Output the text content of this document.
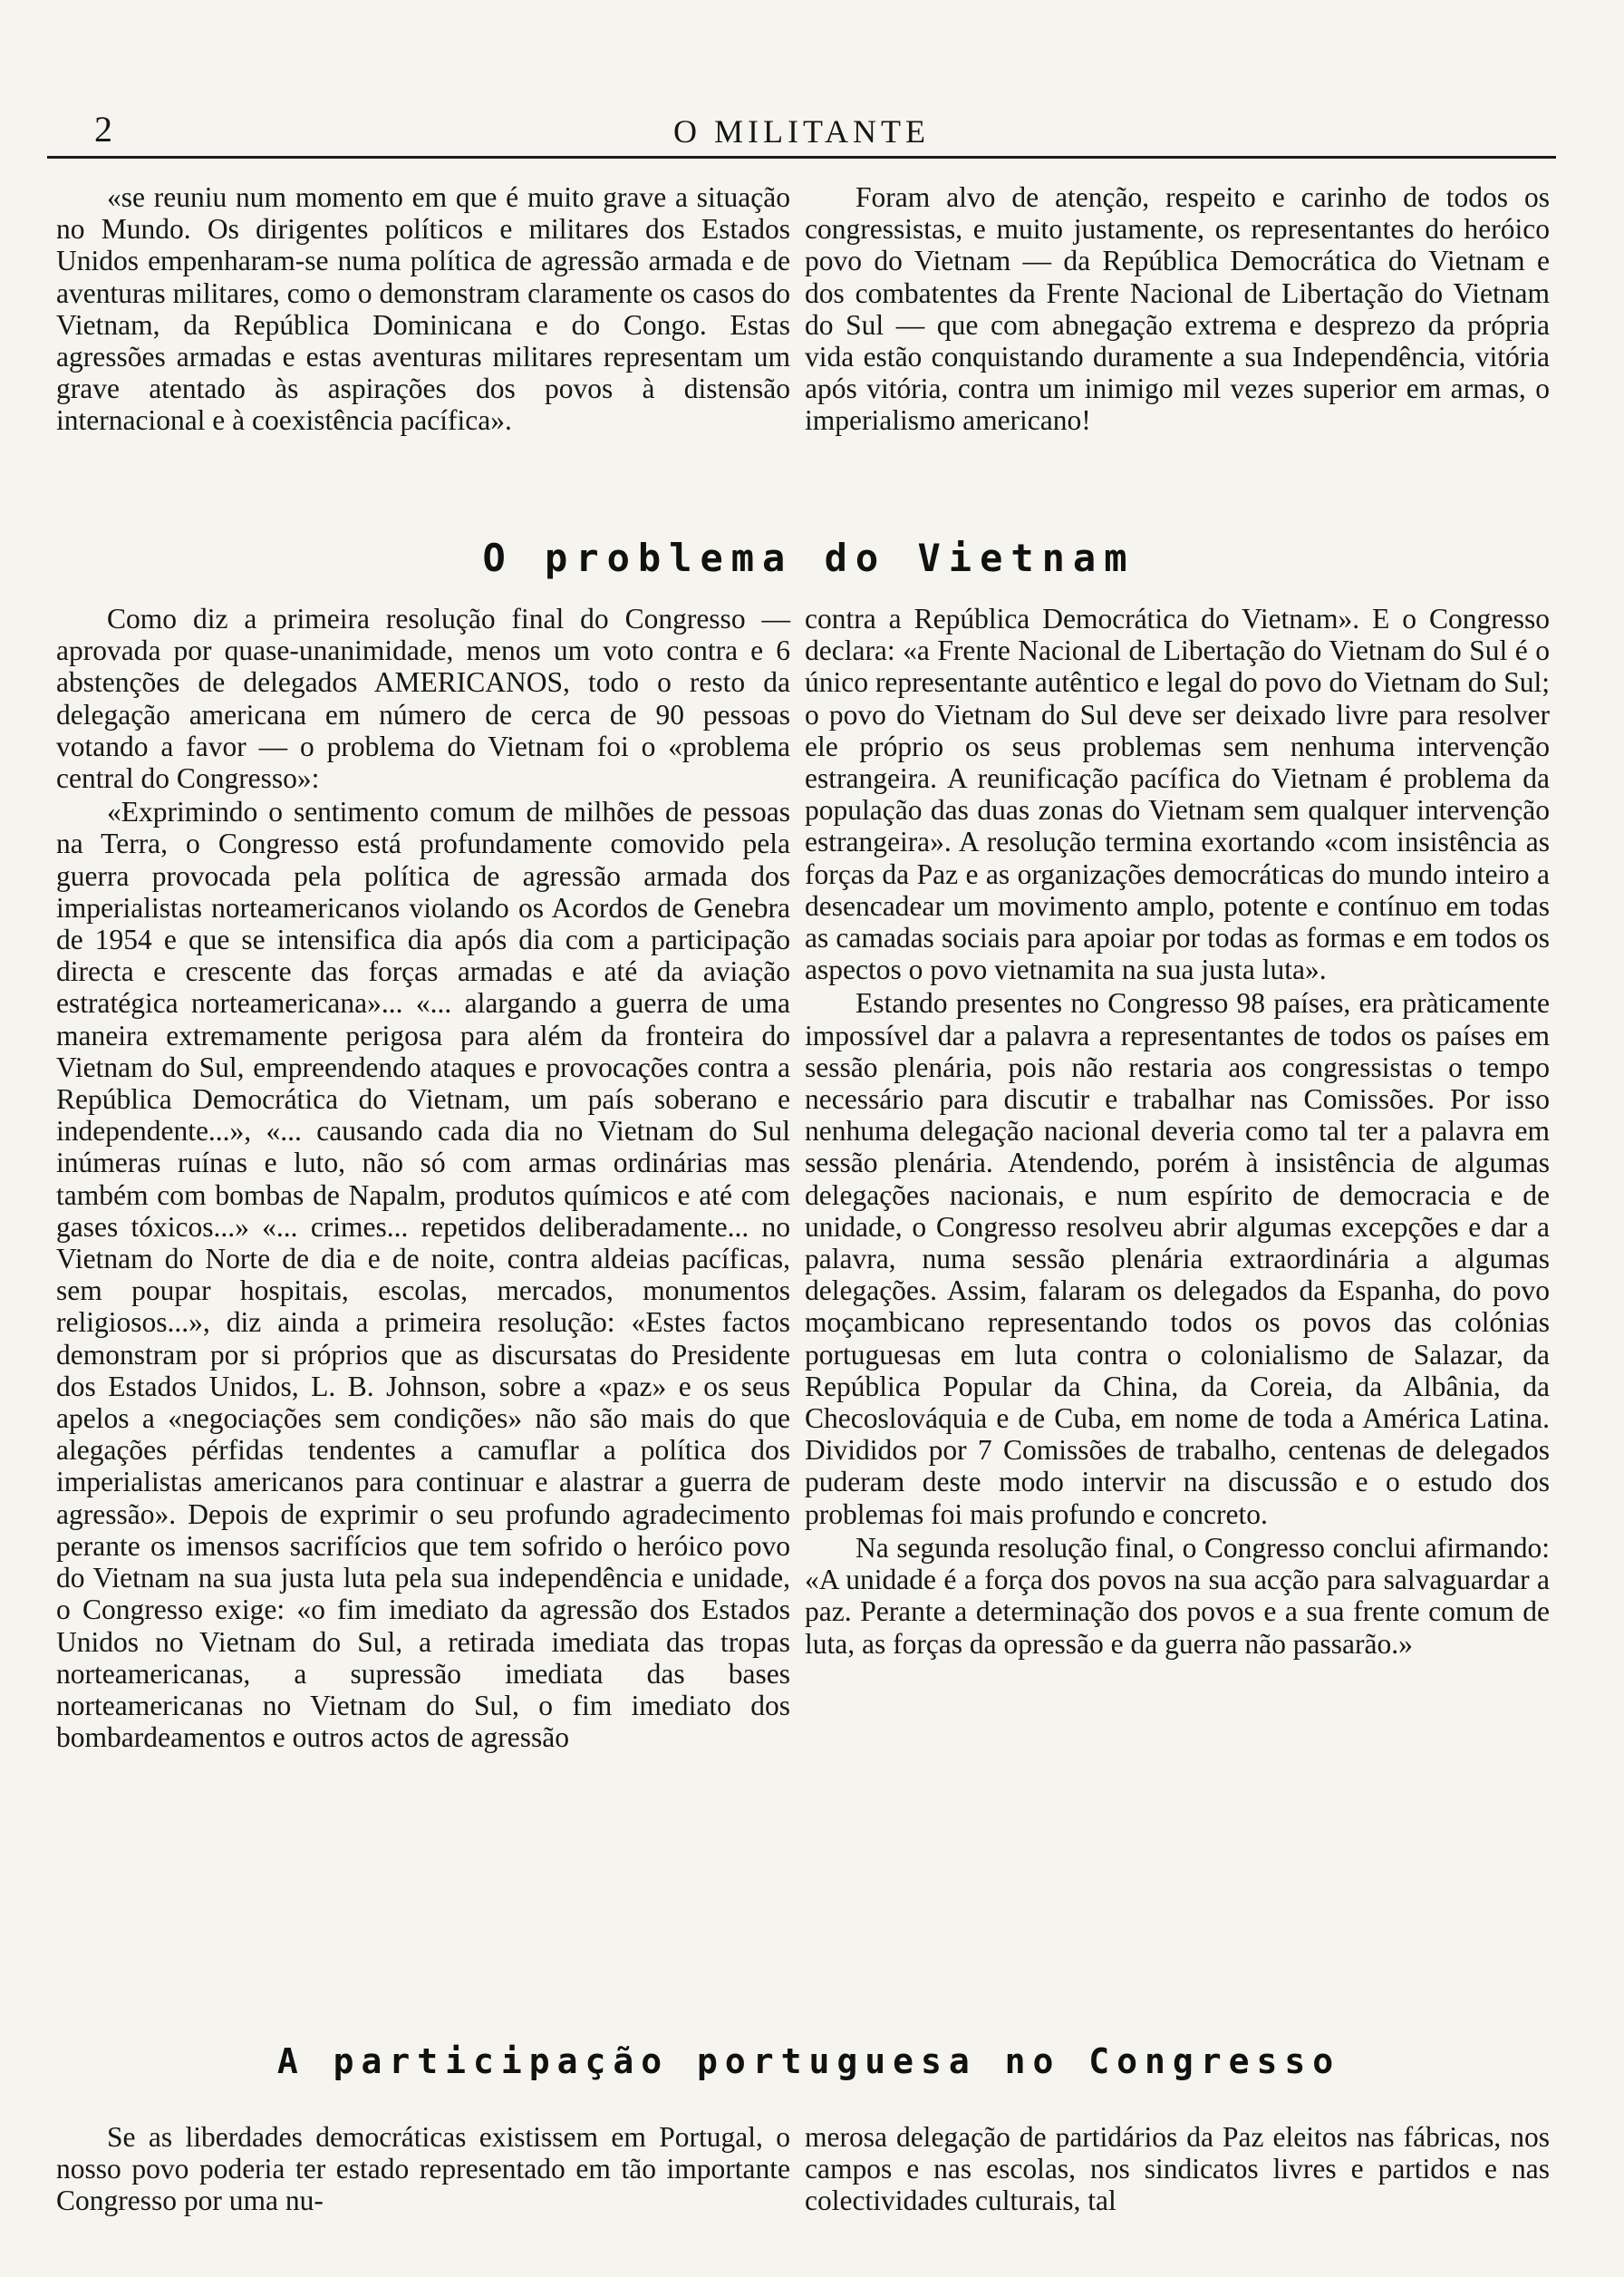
2	O MILITANTE

«se reuniu num momento em que é muito grave a situação no Mundo. Os dirigentes políticos e militares dos Estados Unidos empenharam-se numa política de agressão armada e de aventuras militares, como o demonstram claramente os casos do Vietnam, da República Dominicana e do Congo. Estas agressões armadas e estas aventuras militares representam um grave atentado às aspirações dos povos à distensão internacional e à coexistência pacífica».

Foram alvo de atenção, respeito e carinho de todos os congressistas, e muito justamente, os representantes do heróico povo do Vietnam — da República Democrática do Vietnam e dos combatentes da Frente Nacional de Libertação do Vietnam do Sul — que com abnegação extrema e desprezo da própria vida estão conquistando duramente a sua Independência, vitória após vitória, contra um inimigo mil vezes superior em armas, o imperialismo americano!

O problema do Vietnam

Como diz a primeira resolução final do Congresso — aprovada por quase-unanimidade, menos um voto contra e 6 abstenções de delegados AMERICANOS, todo o resto da delegação americana em número de cerca de 90 pessoas votando a favor — o problema do Vietnam foi o «problema central do Congresso»:

«Exprimindo o sentimento comum de milhões de pessoas na Terra, o Congresso está profundamente comovido pela guerra provocada pela política de agressão armada dos imperialistas norteamericanos violando os Acordos de Genebra de 1954 e que se intensifica dia após dia com a participação directa e crescente das forças armadas e até da aviação estratégica norteamericana»... «... alargando a guerra de uma maneira extremamente perigosa para além da fronteira do Vietnam do Sul, empreendendo ataques e provocações contra a República Democrática do Vietnam, um país soberano e independente...», «... causando cada dia no Vietnam do Sul inúmeras ruínas e luto, não só com armas ordinárias mas também com bombas de Napalm, produtos químicos e até com gases tóxicos...» «... crimes... repetidos deliberadamente... no Vietnam do Norte de dia e de noite, contra aldeias pacíficas, sem poupar hospitais, escolas, mercados, monumentos religiosos...», diz ainda a primeira resolução: «Estes factos demonstram por si próprios que as discursatas do Presidente dos Estados Unidos, L. B. Johnson, sobre a «paz» e os seus apelos a «negociações sem condições» não são mais do que alegações pérfidas tendentes a camuflar a política dos imperialistas americanos para continuar e alastrar a guerra de agressão». Depois de exprimir o seu profundo agradecimento perante os imensos sacrifícios que tem sofrido o heróico povo do Vietnam na sua justa luta pela sua independência e unidade, o Congresso exige: «o fim imediato da agressão dos Estados Unidos no Vietnam do Sul, a retirada imediata das tropas norteamericanas, a supressão imediata das bases norteamericanas no Vietnam do Sul, o fim imediato dos bombardeamentos e outros actos de agressão

contra a República Democrática do Vietnam». E o Congresso declara: «a Frente Nacional de Libertação do Vietnam do Sul é o único representante autêntico e legal do povo do Vietnam do Sul; o povo do Vietnam do Sul deve ser deixado livre para resolver ele próprio os seus problemas sem nenhuma intervenção estrangeira. A reunificação pacífica do Vietnam é problema da população das duas zonas do Vietnam sem qualquer intervenção estrangeira». A resolução termina exortando «com insistência as forças da Paz e as organizações democráticas do mundo inteiro a desencadear um movimento amplo, potente e contínuo em todas as camadas sociais para apoiar por todas as formas e em todos os aspectos o povo vietnamita na sua justa luta».

Estando presentes no Congresso 98 países, era pràticamente impossível dar a palavra a representantes de todos os países em sessão plenária, pois não restaria aos congressistas o tempo necessário para discutir e trabalhar nas Comissões. Por isso nenhuma delegação nacional deveria como tal ter a palavra em sessão plenária. Atendendo, porém à insistência de algumas delegações nacionais, e num espírito de democracia e de unidade, o Congresso resolveu abrir algumas excepções e dar a palavra, numa sessão plenária extraordinária a algumas delegações. Assim, falaram os delegados da Espanha, do povo moçambicano representando todos os povos das colónias portuguesas em luta contra o colonialismo de Salazar, da República Popular da China, da Coreia, da Albânia, da Checoslováquia e de Cuba, em nome de toda a América Latina. Divididos por 7 Comissões de trabalho, centenas de delegados puderam deste modo intervir na discussão e o estudo dos problemas foi mais profundo e concreto.

Na segunda resolução final, o Congresso conclui afirmando: «A unidade é a força dos povos na sua acção para salvaguardar a paz. Perante a determinação dos povos e a sua frente comum de luta, as forças da opressão e da guerra não passarão.»

A participação portuguesa no Congresso

Se as liberdades democráticas existissem em Portugal, o nosso povo poderia ter estado representado em tão importante Congresso por uma nu-

merosa delegação de partidários da Paz eleitos nas fábricas, nos campos e nas escolas, nos sindicatos livres e partidos e nas colectividades culturais, tal
